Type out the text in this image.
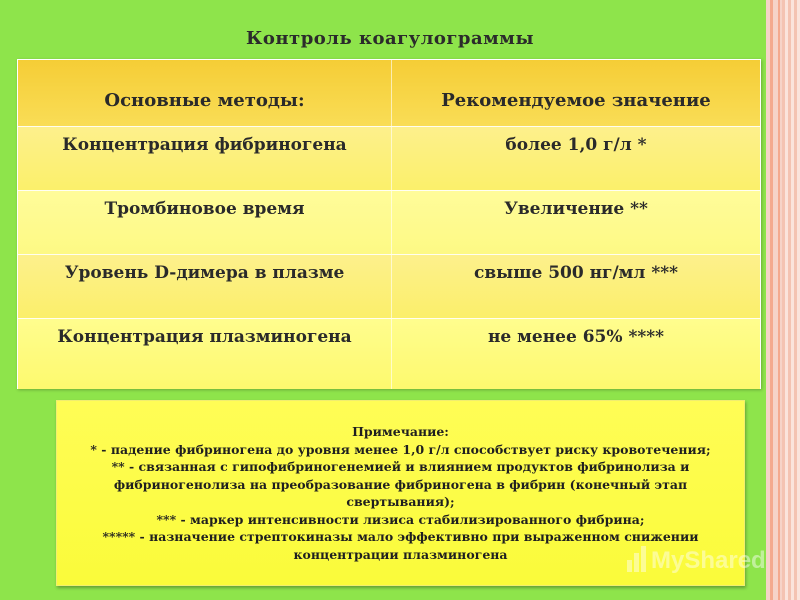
Контроль коагулограммы
Основные методы:	Рекомендуемое значение
Концентрация фибриногена	более 1,0 г/л *
Тромбиновое время	Увеличение **
Уровень D-димера в плазме	свыше 500 нг/мл ***
Концентрация плазминогена	не менее 65% ****
Примечание:
* - падение фибриногена до уровня менее 1,0 г/л способствует риску кровотечения;
** - связанная с гипофибриногенемией и влиянием продуктов фибринолиза и
фибриногенолиза на преобразование фибриногена в фибрин (конечный этап
свертывания);
*** - маркер интенсивности лизиса стабилизированного фибрина;
***** - назначение стрептокиназы мало эффективно при выраженном снижении
концентрации плазминогена	MyShared
